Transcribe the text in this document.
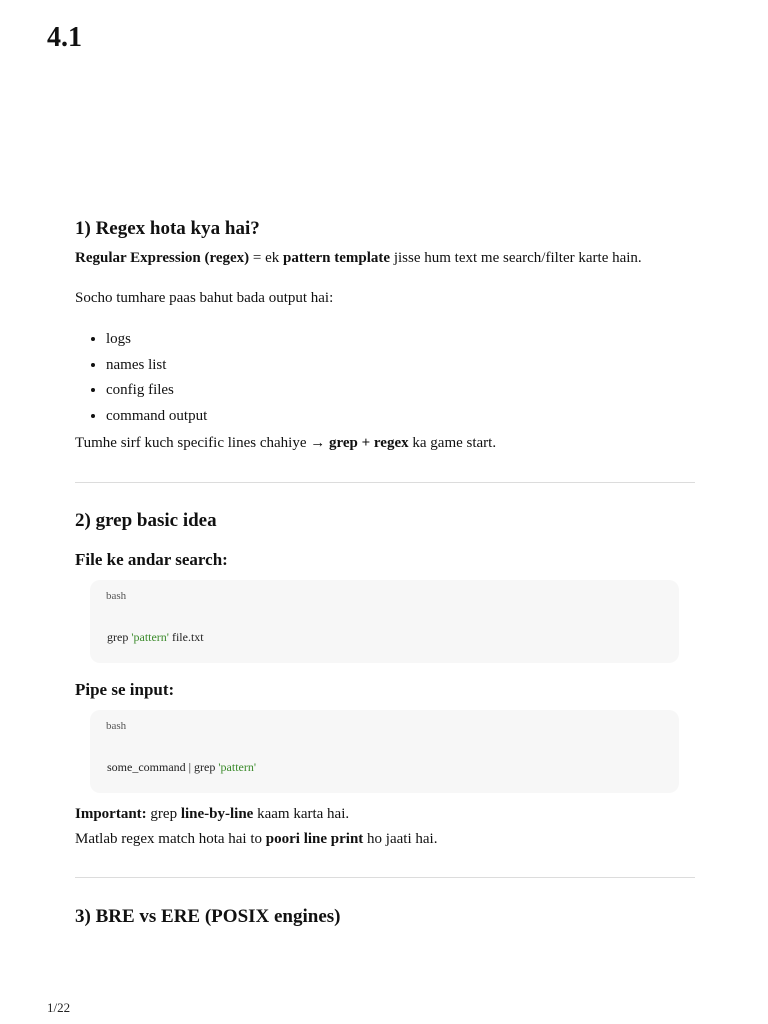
4.1
1) Regex hota kya hai?

Regular Expression (regex) = ek pattern template jisse hum text me search/filter karte hain.

Socho tumhare paas bahut bada output hai:

• logs
• names list
• config files
• command output

Tumhe sirf kuch specific lines chahiye → grep + regex ka game start.

2) grep basic idea
File ke andar search:
bash
grep 'pattern' file.txt
Pipe se input:
bash
some_command | grep 'pattern'

Important: grep line-by-line kaam karta hai.

Matlab regex match hota hai to poori line print ho jaati hai.

3) BRE vs ERE (POSIX engines)
1/22
